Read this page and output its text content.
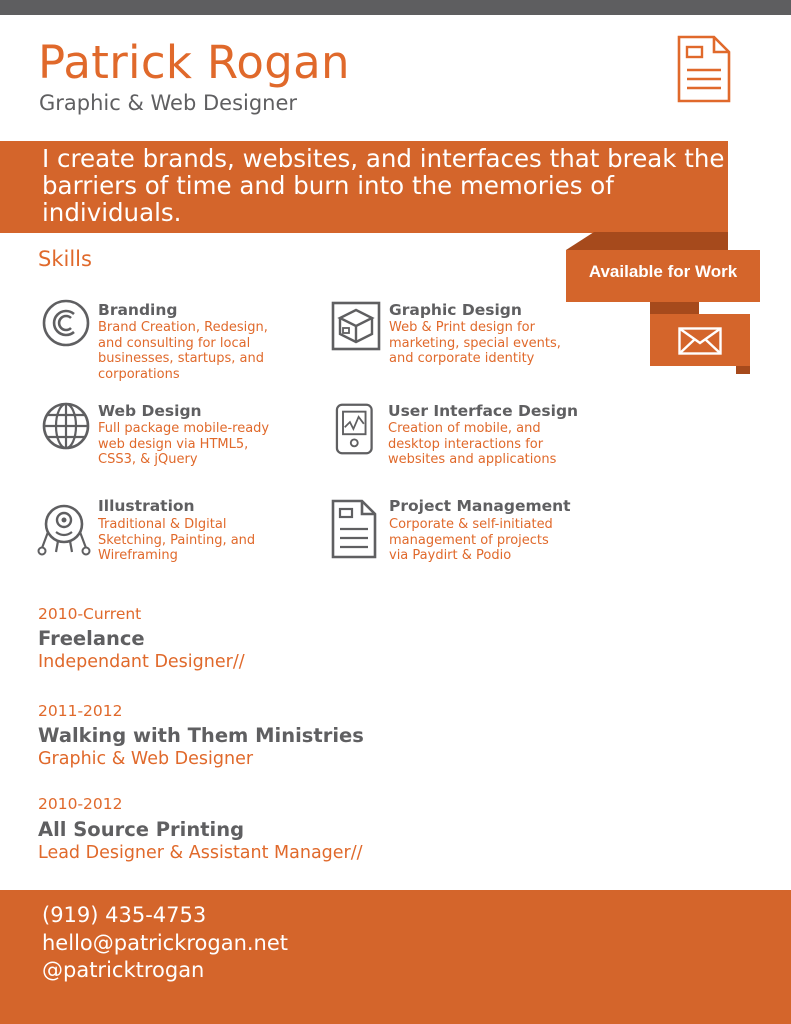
Patrick Rogan
Graphic & Web Designer
I create brands, websites, and interfaces that break the barriers of time and burn into the memories of individuals.
Skills
Available for Work
Branding
Brand Creation, Redesign,
and consulting for local
businesses, startups, and
corporations
Graphic Design
Web & Print design for
marketing, special events,
and corporate identity
Web Design
Full package mobile-ready
web design via HTML5,
CSS3, & jQuery
User Interface Design
Creation of mobile, and
desktop interactions for
websites and applications
Illustration
Traditional & DIgital
Sketching, Painting, and
Wireframing
Project Management
Corporate & self-initiated
management of projects
via Paydirt & Podio
2010-Current
Freelance
Independant Designer//
2011-2012
Walking with Them Ministries
Graphic & Web Designer
2010-2012
All Source Printing
Lead Designer & Assistant Manager//
(919) 435-4753
hello@patrickrogan.net
@patricktrogan
